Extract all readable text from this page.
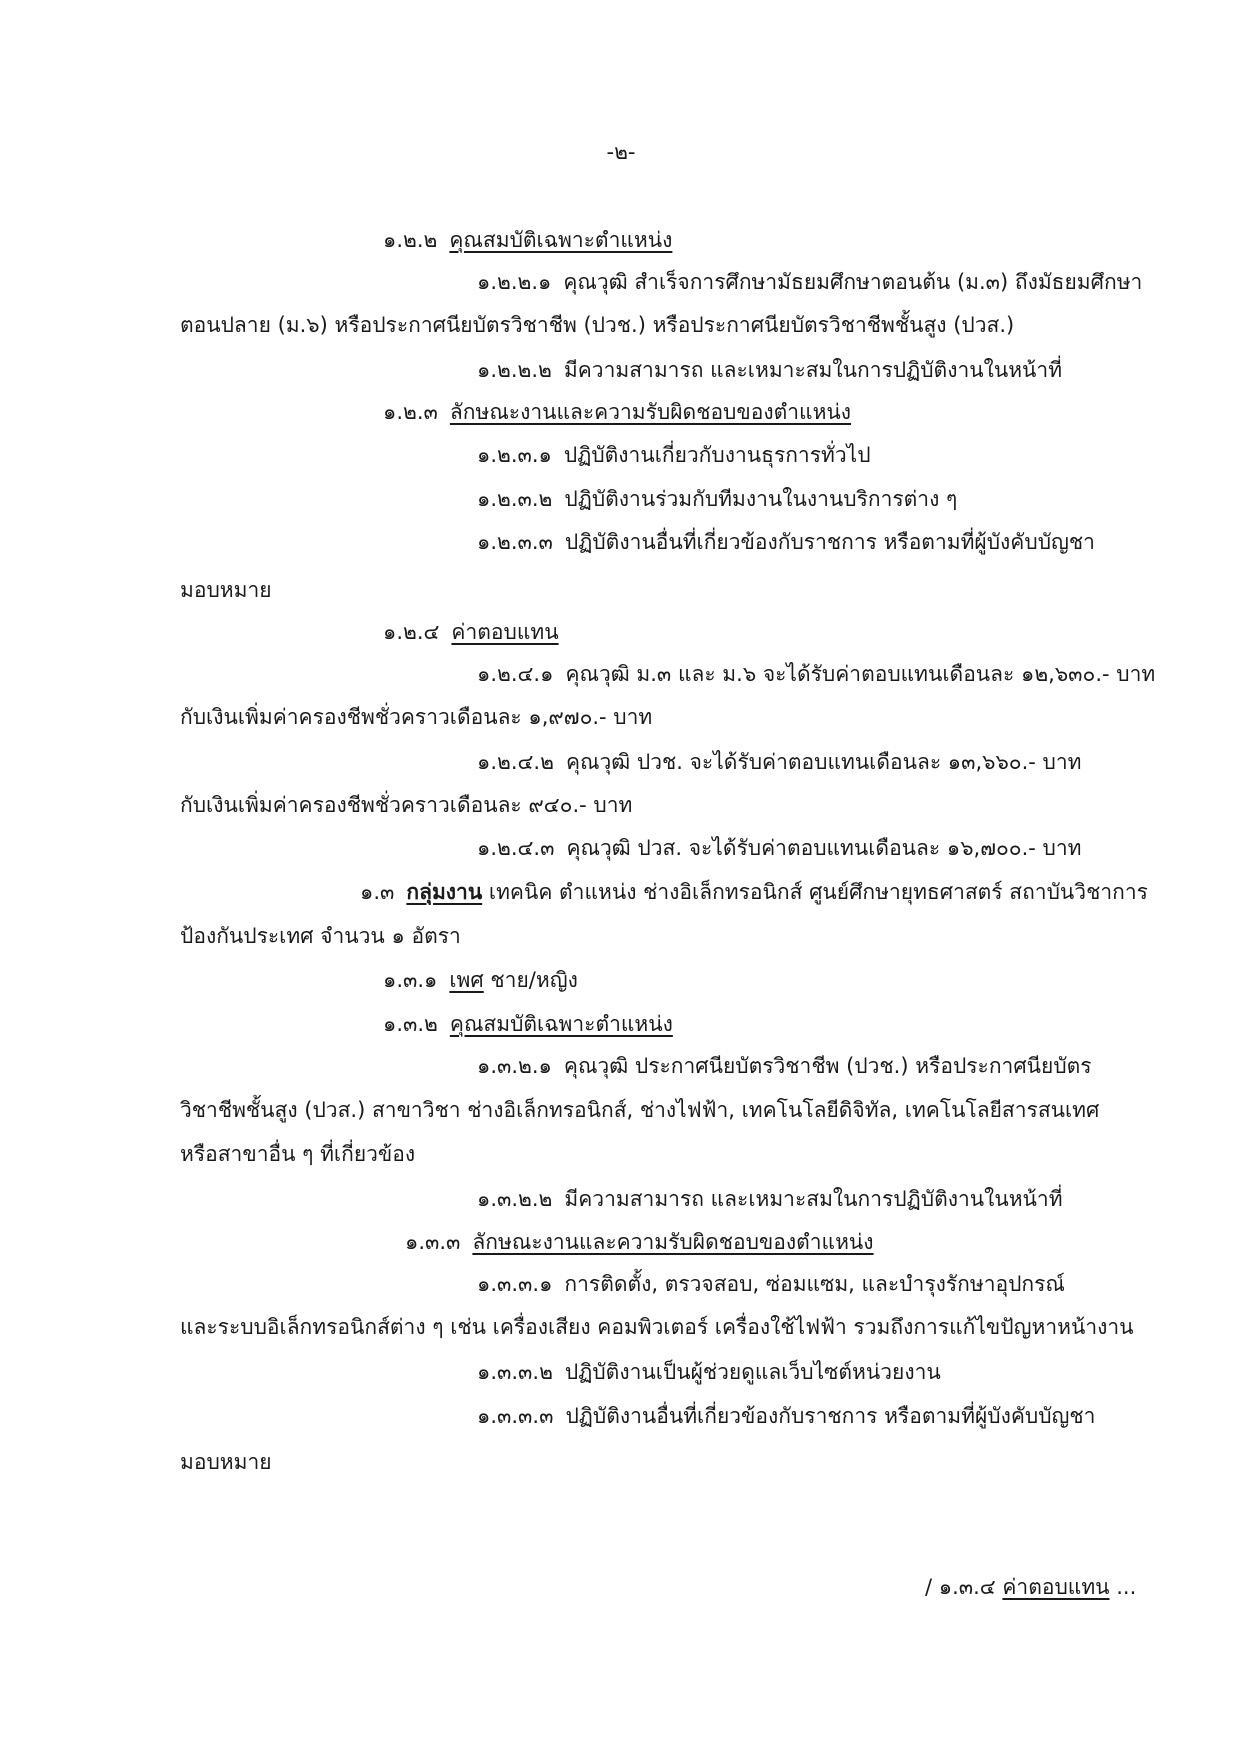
-๒-
๑.๒.๒ คุณสมบัติเฉพาะตำแหน่ง
๑.๒.๒.๑ คุณวุฒิ สำเร็จการศึกษามัธยมศึกษาตอนต้น (ม.๓) ถึงมัธยมศึกษา
ตอนปลาย (ม.๖) หรือประกาศนียบัตรวิชาชีพ (ปวช.) หรือประกาศนียบัตรวิชาชีพชั้นสูง (ปวส.)
๑.๒.๒.๒ มีความสามารถ และเหมาะสมในการปฏิบัติงานในหน้าที่
๑.๒.๓ ลักษณะงานและความรับผิดชอบของตำแหน่ง
๑.๒.๓.๑ ปฏิบัติงานเกี่ยวกับงานธุรการทั่วไป
๑.๒.๓.๒ ปฏิบัติงานร่วมกับทีมงานในงานบริการต่าง ๆ
๑.๒.๓.๓ ปฏิบัติงานอื่นที่เกี่ยวข้องกับราชการ หรือตามที่ผู้บังคับบัญชา
มอบหมาย
๑.๒.๔ ค่าตอบแทน
๑.๒.๔.๑ คุณวุฒิ ม.๓ และ ม.๖ จะได้รับค่าตอบแทนเดือนละ ๑๒,๖๓๐.- บาท
กับเงินเพิ่มค่าครองชีพชั่วคราวเดือนละ ๑,๙๗๐.- บาท
๑.๒.๔.๒ คุณวุฒิ ปวช. จะได้รับค่าตอบแทนเดือนละ ๑๓,๖๖๐.- บาท
กับเงินเพิ่มค่าครองชีพชั่วคราวเดือนละ ๙๔๐.- บาท
๑.๒.๔.๓ คุณวุฒิ ปวส. จะได้รับค่าตอบแทนเดือนละ ๑๖,๗๐๐.- บาท
๑.๓ กลุ่มงาน เทคนิค ตำแหน่ง ช่างอิเล็กทรอนิกส์ ศูนย์ศึกษายุทธศาสตร์ สถาบันวิชาการ
ป้องกันประเทศ จำนวน ๑ อัตรา
๑.๓.๑ เพศ ชาย/หญิง
๑.๓.๒ คุณสมบัติเฉพาะตำแหน่ง
๑.๓.๒.๑ คุณวุฒิ ประกาศนียบัตรวิชาชีพ (ปวช.) หรือประกาศนียบัตร
วิชาชีพชั้นสูง (ปวส.) สาขาวิชา ช่างอิเล็กทรอนิกส์, ช่างไฟฟ้า, เทคโนโลยีดิจิทัล, เทคโนโลยีสารสนเทศ
หรือสาขาอื่น ๆ ที่เกี่ยวข้อง
๑.๓.๒.๒ มีความสามารถ และเหมาะสมในการปฏิบัติงานในหน้าที่
๑.๓.๓ ลักษณะงานและความรับผิดชอบของตำแหน่ง
๑.๓.๓.๑ การติดตั้ง, ตรวจสอบ, ซ่อมแซม, และบำรุงรักษาอุปกรณ์
และระบบอิเล็กทรอนิกส์ต่าง ๆ เช่น เครื่องเสียง คอมพิวเตอร์ เครื่องใช้ไฟฟ้า รวมถึงการแก้ไขปัญหาหน้างาน
๑.๓.๓.๒ ปฏิบัติงานเป็นผู้ช่วยดูแลเว็บไซต์หน่วยงาน
๑.๓.๓.๓ ปฏิบัติงานอื่นที่เกี่ยวข้องกับราชการ หรือตามที่ผู้บังคับบัญชา
มอบหมาย
/ ๑.๓.๔ ค่าตอบแทน ...
